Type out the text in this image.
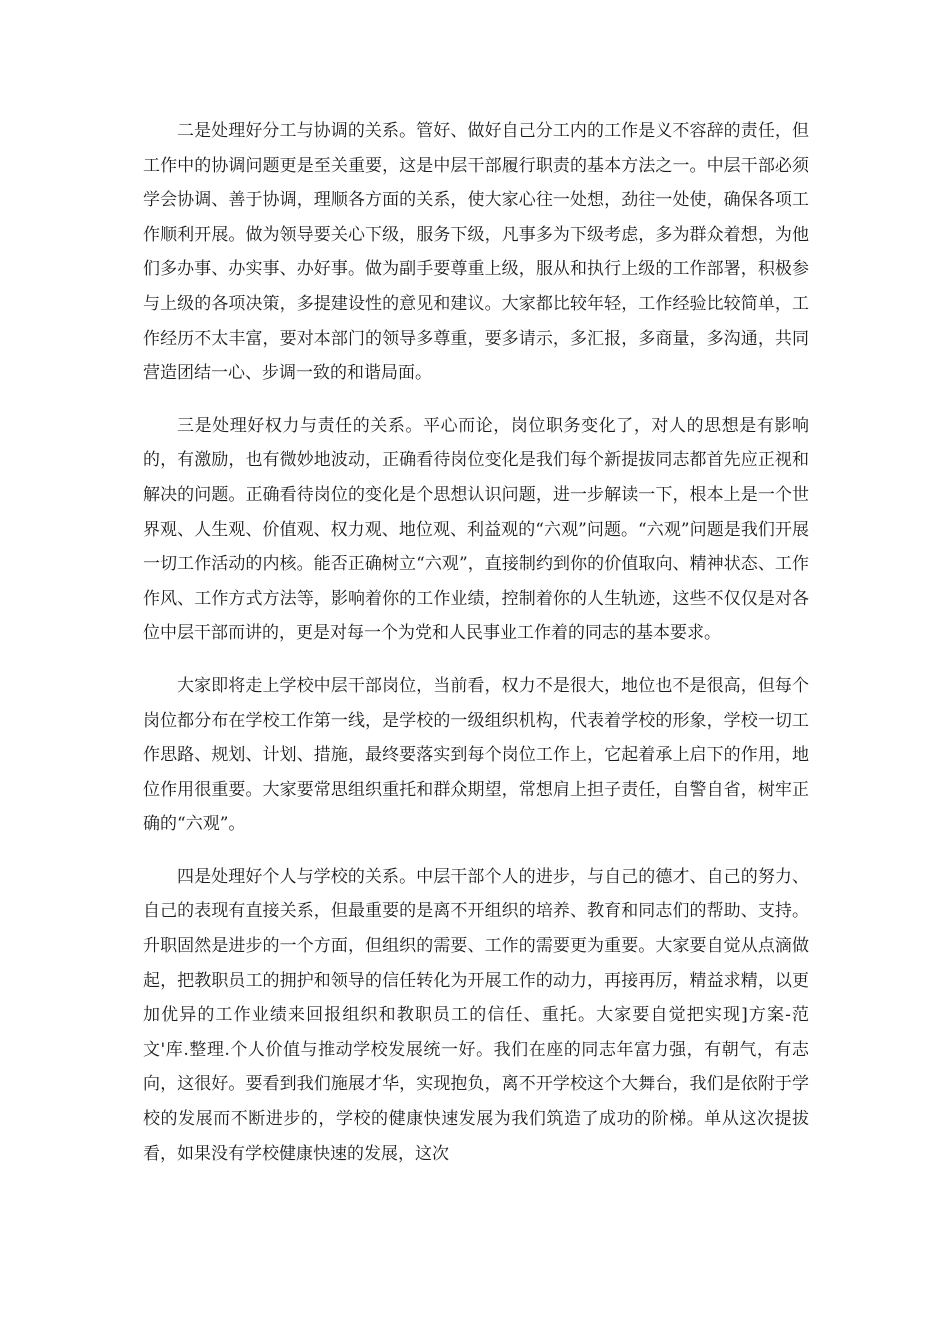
二是处理好分工与协调的关系。管好、做好自己分工内的工作是义不容辞的责任，但工作中的协调问题更是至关重要，这是中层干部履行职责的基本方法之一。中层干部必须学会协调、善于协调，理顺各方面的关系，使大家心往一处想，劲往一处使，确保各项工作顺利开展。做为领导要关心下级，服务下级，凡事多为下级考虑，多为群众着想，为他们多办事、办实事、办好事。做为副手要尊重上级，服从和执行上级的工作部署，积极参与上级的各项决策，多提建设性的意见和建议。大家都比较年轻，工作经验比较简单，工作经历不太丰富，要对本部门的领导多尊重，要多请示，多汇报，多商量，多沟通，共同营造团结一心、步调一致的和谐局面。

三是处理好权力与责任的关系。平心而论，岗位职务变化了，对人的思想是有影响的，有激励，也有微妙地波动，正确看待岗位变化是我们每个新提拔同志都首先应正视和解决的问题。正确看待岗位的变化是个思想认识问题，进一步解读一下，根本上是一个世界观、人生观、价值观、权力观、地位观、利益观的“六观”问题。“六观”问题是我们开展一切工作活动的内核。能否正确树立“六观”，直接制约到你的价值取向、精神状态、工作作风、工作方式方法等，影响着你的工作业绩，控制着你的人生轨迹，这些不仅仅是对各位中层干部而讲的，更是对每一个为党和人民事业工作着的同志的基本要求。

大家即将走上学校中层干部岗位，当前看，权力不是很大，地位也不是很高，但每个岗位都分布在学校工作第一线，是学校的一级组织机构，代表着学校的形象，学校一切工作思路、规划、计划、措施，最终要落实到每个岗位工作上，它起着承上启下的作用，地位作用很重要。大家要常思组织重托和群众期望，常想肩上担子责任，自警自省，树牢正确的“六观”。

四是处理好个人与学校的关系。中层干部个人的进步，与自己的德才、自己的努力、自己的表现有直接关系，但最重要的是离不开组织的培养、教育和同志们的帮助、支持。升职固然是进步的一个方面，但组织的需要、工作的需要更为重要。大家要自觉从点滴做起，把教职员工的拥护和领导的信任转化为开展工作的动力，再接再厉，精益求精，以更加优异的工作业绩来回报组织和教职员工的信任、重托。大家要自觉把实现]方案-范文'库.整理.个人价值与推动学校发展统一好。我们在座的同志年富力强，有朝气，有志向，这很好。要看到我们施展才华，实现抱负，离不开学校这个大舞台，我们是依附于学校的发展而不断进步的，学校的健康快速发展为我们筑造了成功的阶梯。单从这次提拔看，如果没有学校健康快速的发展，这次
